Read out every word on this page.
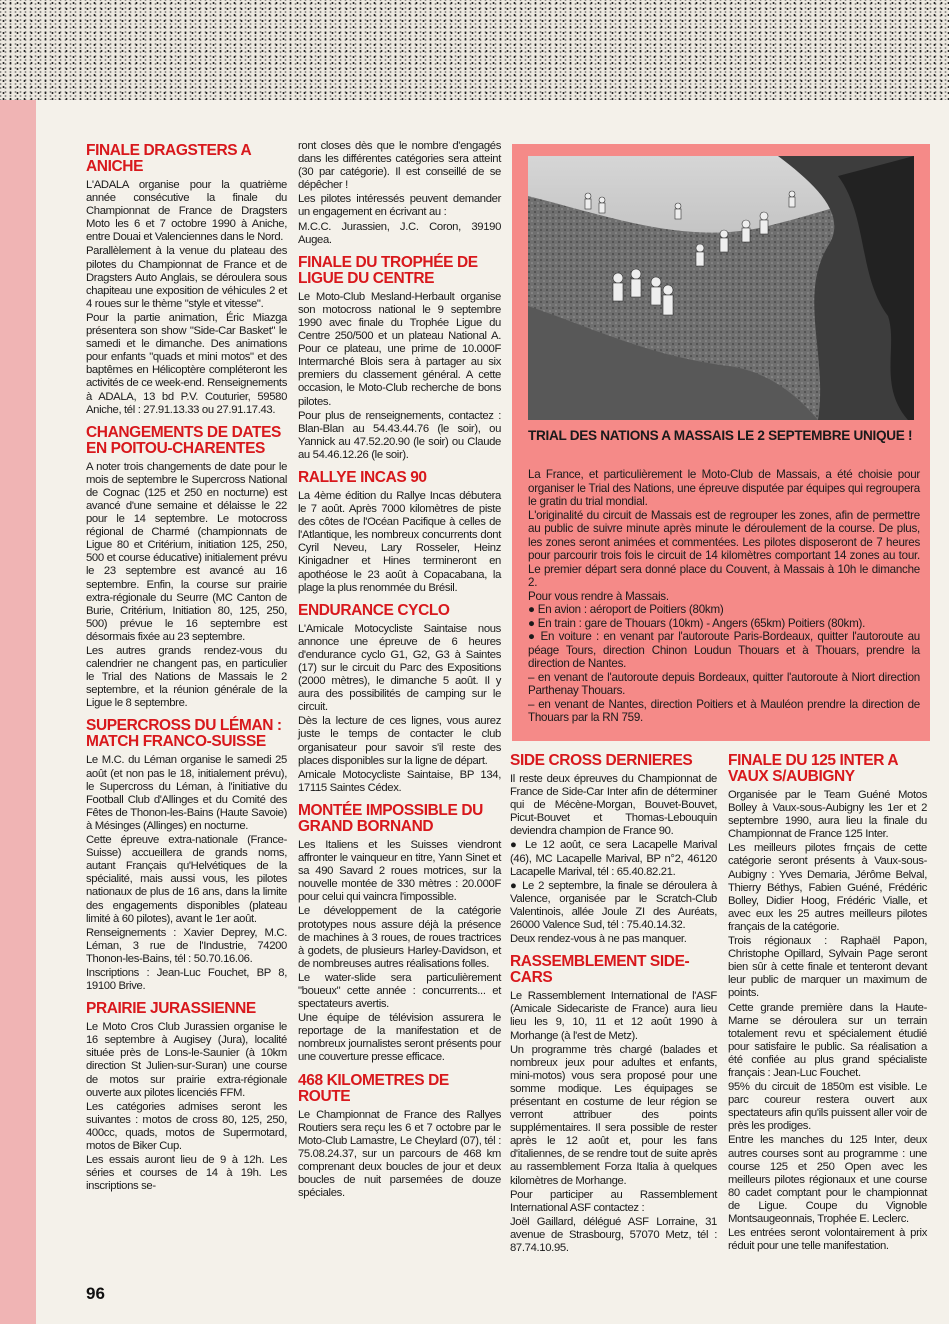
FINALE DRAGSTERS A ANICHE

L'ADALA organise pour la quatrième année consécutive la finale du Championnat de France de Dragsters Moto les 6 et 7 octobre 1990 à Aniche, entre Douai et Valenciennes dans le Nord.

Parallèlement à la venue du plateau des pilotes du Championnat de France et de Dragsters Auto Anglais, se déroulera sous chapiteau une exposition de véhicules 2 et 4 roues sur le thème "style et vitesse".

Pour la partie animation, Éric Miazga présentera son show "Side-Car Basket" le samedi et le dimanche. Des animations pour enfants "quads et mini motos" et des baptêmes en Hélicoptère compléteront les activités de ce week-end. Renseignements à ADALA, 13 bd P.V. Couturier, 59580 Aniche, tél : 27.91.13.33 ou 27.91.17.43.

CHANGEMENTS DE DATES EN POITOU-CHARENTES

A noter trois changements de date pour le mois de septembre le Supercross National de Cognac (125 et 250 en nocturne) est avancé d'une semaine et délaisse le 22 pour le 14 septembre. Le motocross régional de Charmé (championnats de Ligue 80 et Critérium, initiation 125, 250, 500 et course éducative) initialement prévu le 23 septembre est avancé au 16 septembre. Enfin, la course sur prairie extra-régionale du Seurre (MC Canton de Burie, Critérium, Initiation 80, 125, 250, 500) prévue le 16 septembre est désormais fixée au 23 septembre.

Les autres grands rendez-vous du calendrier ne changent pas, en particulier le Trial des Nations de Massais le 2 septembre, et la réunion générale de la Ligue le 8 septembre.

SUPERCROSS DU LÉMAN : MATCH FRANCO-SUISSE

Le M.C. du Léman organise le samedi 25 août (et non pas le 18, initialement prévu), le Supercross du Léman, à l'initiative du Football Club d'Allinges et du Comité des Fêtes de Thonon-les-Bains (Haute Savoie) à Mésinges (Allinges) en nocturne.

Cette épreuve extra-nationale (France-Suisse) accueillera de grands noms, autant Français qu'Helvétiques de la spécialité, mais aussi vous, les pilotes nationaux de plus de 16 ans, dans la limite des engagements disponibles (plateau limité à 60 pilotes), avant le 1er août.

Renseignements : Xavier Deprey, M.C. Léman, 3 rue de l'Industrie, 74200 Thonon-les-Bains, tél : 50.70.16.06.

Inscriptions : Jean-Luc Fouchet, BP 8, 19100 Brive.

PRAIRIE JURASSIENNE

Le Moto Cros Club Jurassien organise le 16 septembre à Augisey (Jura), localité située près de Lons-le-Saunier (à 10km direction St Julien-sur-Suran) une course de motos sur prairie extra-régionale ouverte aux pilotes licenciés FFM.

Les catégories admises seront les suivantes : motos de cross 80, 125, 250, 400cc, quads, motos de Supermotard, motos de Biker Cup.

Les essais auront lieu de 9 à 12h. Les séries et courses de 14 à 19h. Les inscriptions se-

ront closes dès que le nombre d'engagés dans les différentes catégories sera atteint (30 par catégorie). Il est conseillé de se dépêcher !

Les pilotes intéressés peuvent demander un engagement en écrivant au :

M.C.C. Jurassien, J.C. Coron, 39190 Augea.

FINALE DU TROPHÉE DE LIGUE DU CENTRE

Le Moto-Club Mesland-Herbault organise son motocross national le 9 septembre 1990 avec finale du Trophée Ligue du Centre 250/500 et un plateau National A. Pour ce plateau, une prime de 10.000F Intermarché Blois sera à partager au six premiers du classement général. A cette occasion, le Moto-Club recherche de bons pilotes.

Pour plus de renseignements, contactez : Blan-Blan au 54.43.44.76 (le soir), ou Yannick au 47.52.20.90 (le soir) ou Claude au 54.46.12.26 (le soir).

RALLYE INCAS 90

La 4ème édition du Rallye Incas débutera le 7 août. Après 7000 kilomètres de piste des côtes de l'Océan Pacifique à celles de l'Atlantique, les nombreux concurrents dont Cyril Neveu, Lary Rosseler, Heinz Kinigadner et Hines termineront en apothéose le 23 août à Copacabana, la plage la plus renommée du Brésil.

ENDURANCE CYCLO

L'Amicale Motocycliste Saintaise nous annonce une épreuve de 6 heures d'endurance cyclo G1, G2, G3 à Saintes (17) sur le circuit du Parc des Expositions (2000 mètres), le dimanche 5 août. Il y aura des possibilités de camping sur le circuit.

Dès la lecture de ces lignes, vous aurez juste le temps de contacter le club organisateur pour savoir s'il reste des places disponibles sur la ligne de départ.

Amicale Motocycliste Saintaise, BP 134, 17115 Saintes Cédex.

MONTÉE IMPOSSIBLE DU GRAND BORNAND

Les Italiens et les Suisses viendront affronter le vainqueur en titre, Yann Sinet et sa 490 Savard 2 roues motrices, sur la nouvelle montée de 330 mètres : 20.000F pour celui qui vaincra l'impossible.

Le développement de la catégorie prototypes nous assure déjà la présence de machines à 3 roues, de roues tractrices à godets, de plusieurs Harley-Davidson, et de nombreuses autres réalisations folles.

Le water-slide sera particulièrement "boueux" cette année : concurrents... et spectateurs avertis.

Une équipe de télévision assurera le reportage de la manifestation et de nombreux journalistes seront présents pour une couverture presse efficace.

468 KILOMETRES DE ROUTE

Le Championnat de France des Rallyes Routiers sera reçu les 6 et 7 octobre par le Moto-Club Lamastre, Le Cheylard (07), tél : 75.08.24.37, sur un parcours de 468 km comprenant deux boucles de jour et deux boucles de nuit parsemées de douze spéciales.

TRIAL DES NATIONS A MASSAIS LE 2 SEPTEMBRE UNIQUE !

La France, et particulièrement le Moto-Club de Massais, a été choisie pour organiser le Trial des Nations, une épreuve disputée par équipes qui regroupera le gratin du trial mondial.

L'originalité du circuit de Massais est de regrouper les zones, afin de permettre au public de suivre minute après minute le déroulement de la course. De plus, les zones seront animées et commentées. Les pilotes disposeront de 7 heures pour parcourir trois fois le circuit de 14 kilomètres comportant 14 zones au tour. Le premier départ sera donné place du Couvent, à Massais à 10h le dimanche 2.

Pour vous rendre à Massais.

● En avion : aéroport de Poitiers (80km)

● En train : gare de Thouars (10km) - Angers (65km) Poitiers (80km).

● En voiture : en venant par l'autoroute Paris-Bordeaux, quitter l'autoroute au péage Tours, direction Chinon Loudun Thouars et à Thouars, prendre la direction de Nantes.

– en venant de l'autoroute depuis Bordeaux, quitter l'autoroute à Niort direction Parthenay Thouars.

– en venant de Nantes, direction Poitiers et à Mauléon prendre la direction de Thouars par la RN 759.

SIDE CROSS DERNIERES

Il reste deux épreuves du Championnat de France de Side-Car Inter afin de déterminer qui de Mécène-Morgan, Bouvet-Bouvet, Picut-Bouvet et Thomas-Lebouquin deviendra champion de France 90.

● Le 12 août, ce sera Lacapelle Marival (46), MC Lacapelle Marival, BP n°2, 46120 Lacapelle Marival, tél : 65.40.82.21.

● Le 2 septembre, la finale se déroulera à Valence, organisée par le Scratch-Club Valentinois, allée Joule ZI des Auréats, 26000 Valence Sud, tél : 75.40.14.32.

Deux rendez-vous à ne pas manquer.

RASSEMBLEMENT SIDE-CARS

Le Rassemblement International de l'ASF (Amicale Sidecariste de France) aura lieu lieu les 9, 10, 11 et 12 août 1990 à Morhange (à l'est de Metz).

Un programme très chargé (balades et nombreux jeux pour adultes et enfants, mini-motos) vous sera proposé pour une somme modique. Les équipages se présentant en costume de leur région se verront attribuer des points supplémentaires. Il sera possible de rester après le 12 août et, pour les fans d'italiennes, de se rendre tout de suite après au rassemblement Forza Italia à quelques kilomètres de Morhange.

Pour participer au Rassemblement International ASF contactez :

Joël Gaillard, délégué ASF Lorraine, 31 avenue de Strasbourg, 57070 Metz, tél : 87.74.10.95.

FINALE DU 125 INTER A VAUX S/AUBIGNY

Organisée par le Team Guéné Motos Bolley à Vaux-sous-Aubigny les 1er et 2 septembre 1990, aura lieu la finale du Championnat de France 125 Inter.

Les meilleurs pilotes frnçais de cette catégorie seront présents à Vaux-sous-Aubigny : Yves Demaria, Jérôme Belval, Thierry Béthys, Fabien Guéné, Frédéric Bolley, Didier Hoog, Frédéric Vialle, et avec eux les 25 autres meilleurs pilotes français de la catégorie.

Trois régionaux : Raphaël Papon, Christophe Opillard, Sylvain Page seront bien sûr à cette finale et tenteront devant leur public de marquer un maximum de points.

Cette grande première dans la Haute-Marne se déroulera sur un terrain totalement revu et spécialement étudié pour satisfaire le public. Sa réalisation a été confiée au plus grand spécialiste français : Jean-Luc Fouchet.

95% du circuit de 1850m est visible. Le parc coureur restera ouvert aux spectateurs afin qu'ils puissent aller voir de près les prodiges.

Entre les manches du 125 Inter, deux autres courses sont au programme : une course 125 et 250 Open avec les meilleurs pilotes régionaux et une course 80 cadet comptant pour le championnat de Ligue. Coupe du Vignoble Montsaugeonnais, Trophée E. Leclerc.

Les entrées seront volontairement à prix réduit pour une telle manifestation.

96
